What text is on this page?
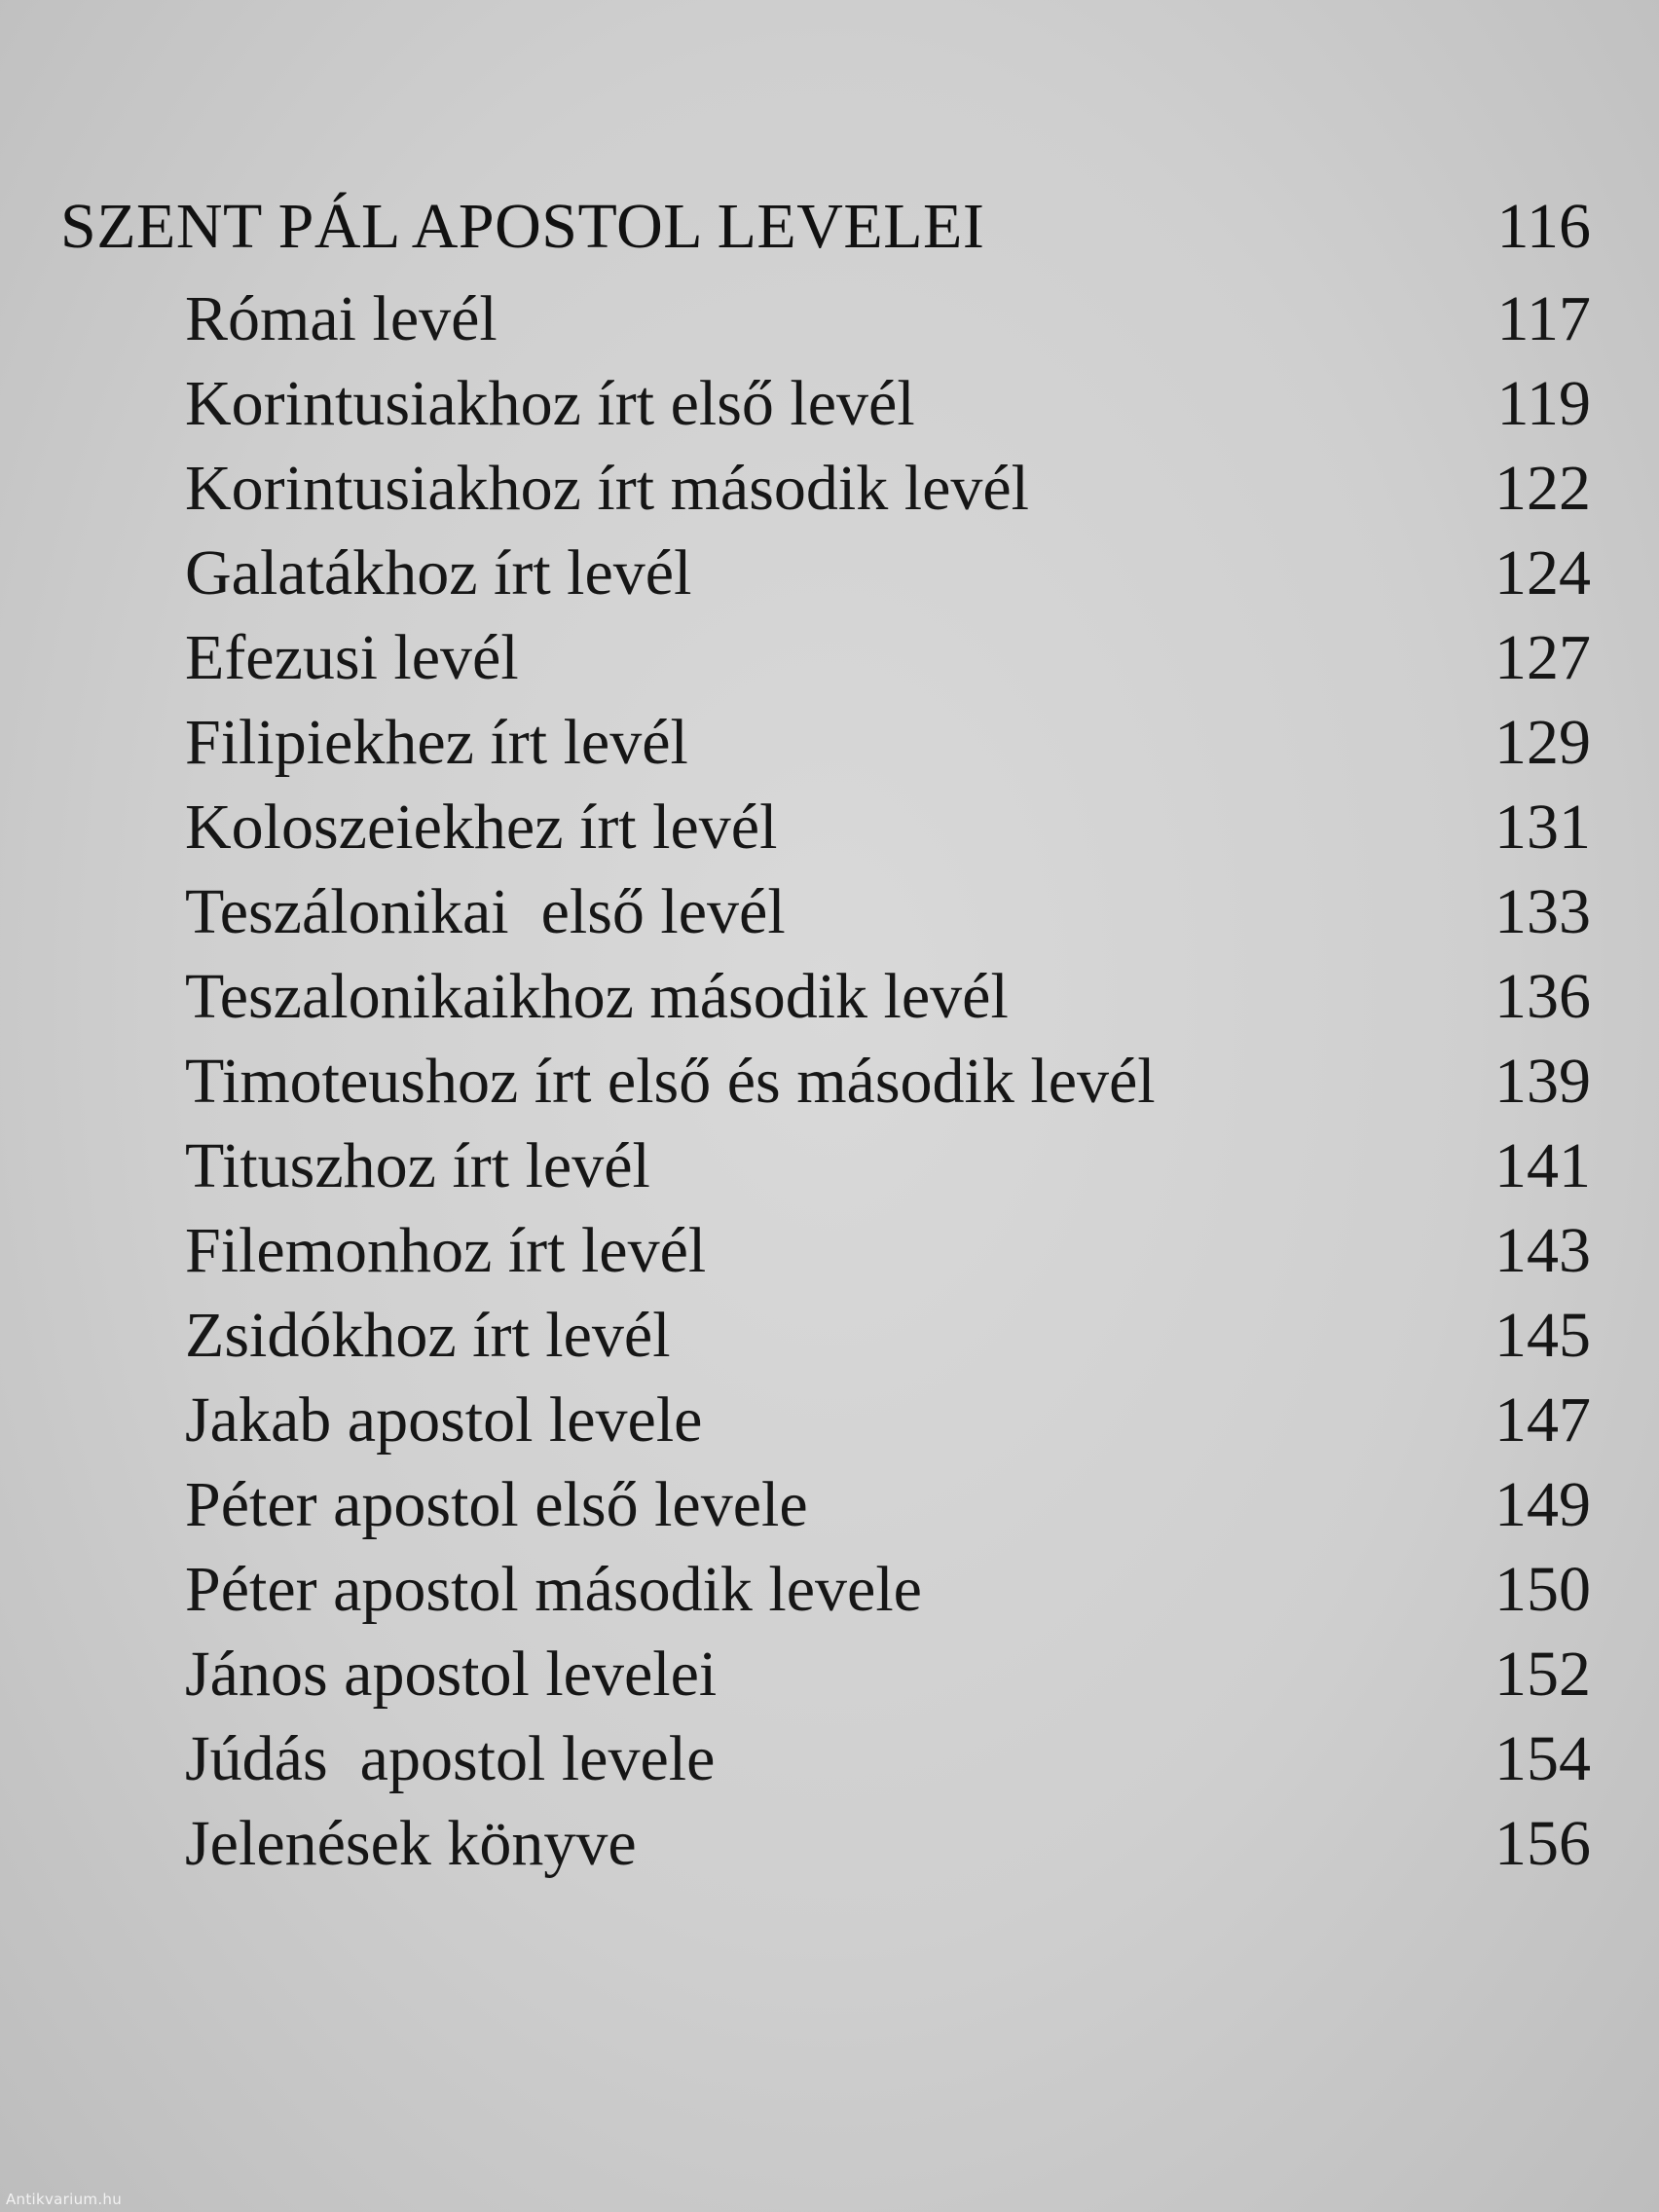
SZENT PÁL APOSTOL LEVELEI	116
Római levél	117
Korintusiakhoz írt első levél	119
Korintusiakhoz írt második levél	122
Galatákhoz írt levél	124
Efezusi levél	127
Filipiekhez írt levél	129
Koloszeiekhez írt levél	131
Teszálonikai  első levél	133
Teszalonikaikhoz második levél	136
Timoteushoz írt első és második levél	139
Tituszhoz írt levél	141
Filemonhoz írt levél	143
Zsidókhoz írt levél	145
Jakab apostol levele	147
Péter apostol első levele	149
Péter apostol második levele	150
János apostol levelei	152
Júdás  apostol levele	154
Jelenések könyve	156
Antikvarium.hu
